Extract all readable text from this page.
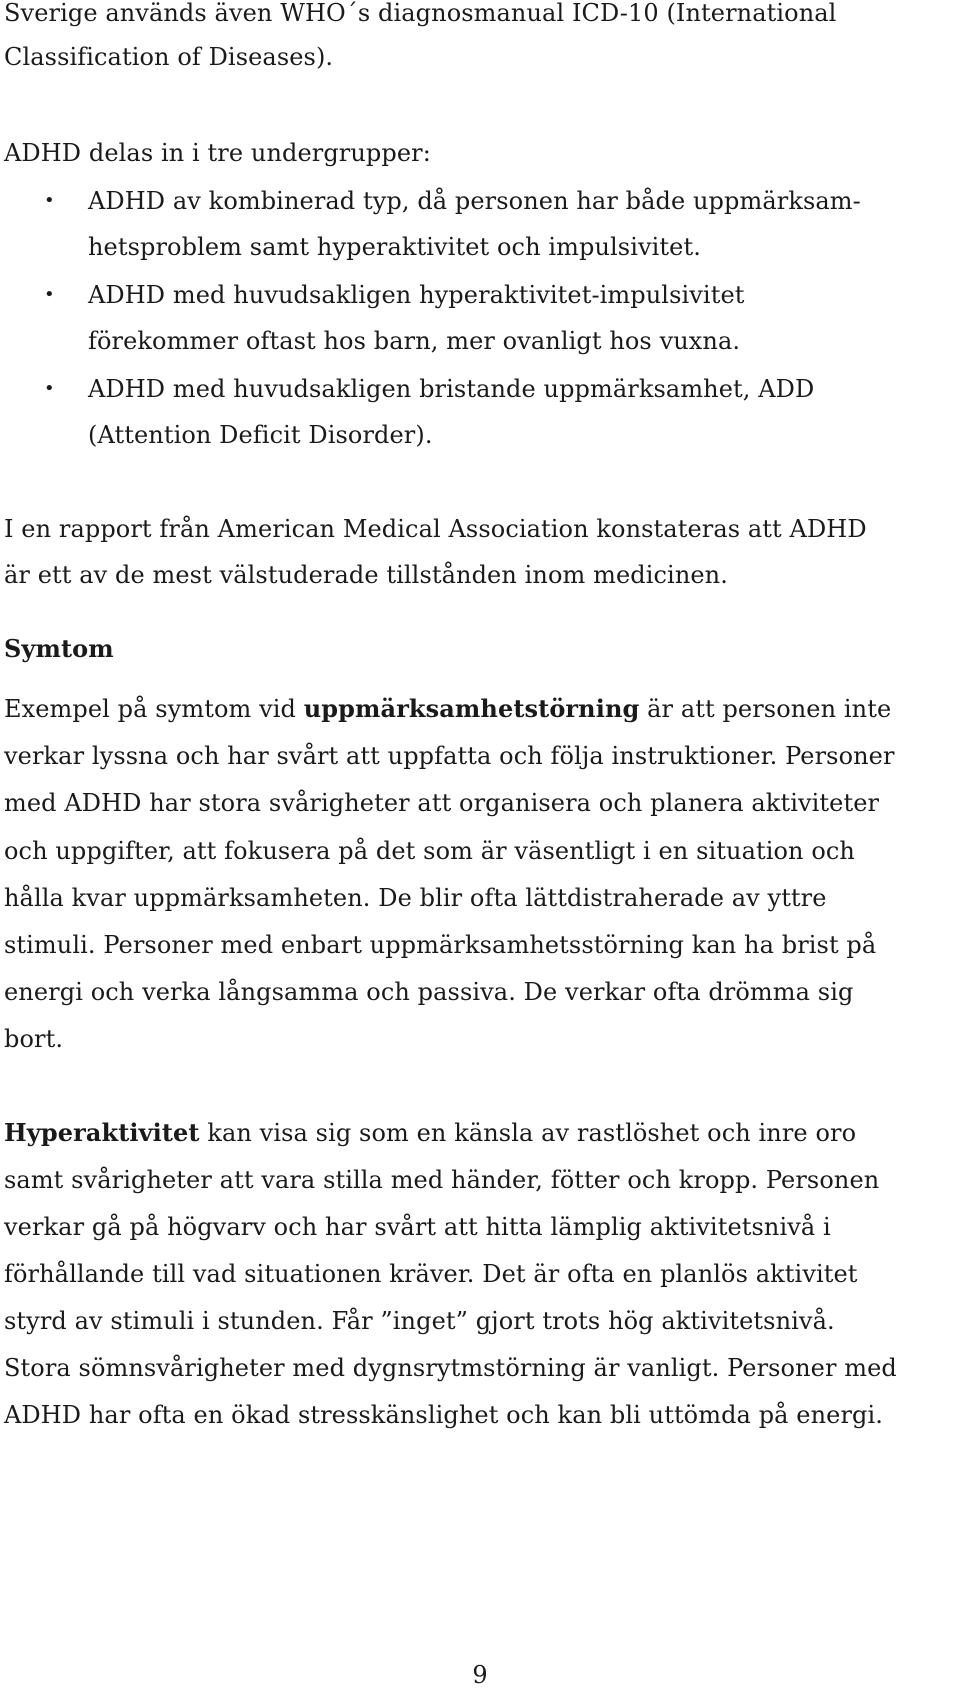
Sverige används även WHO´s diagnosmanual ICD-10 (International
Classification of Diseases).
ADHD delas in i tre undergrupper:
• ADHD av kombinerad typ, då personen har både uppmärksam-
hetsproblem samt hyperaktivitet och impulsivitet.
• ADHD med huvudsakligen hyperaktivitet-impulsivitet
förekommer oftast hos barn, mer ovanligt hos vuxna.
• ADHD med huvudsakligen bristande uppmärksamhet, ADD
(Attention Deficit Disorder).
I en rapport från American Medical Association konstateras att ADHD
är ett av de mest välstuderade tillstånden inom medicinen.
Symtom
Exempel på symtom vid uppmärksamhetstörning är att personen inte
verkar lyssna och har svårt att uppfatta och följa instruktioner. Personer
med ADHD har stora svårigheter att organisera och planera aktiviteter
och uppgifter, att fokusera på det som är väsentligt i en situation och
hålla kvar uppmärksamheten. De blir ofta lättdistraherade av yttre
stimuli. Personer med enbart uppmärksamhetsstörning kan ha brist på
energi och verka långsamma och passiva. De verkar ofta drömma sig
bort.
Hyperaktivitet kan visa sig som en känsla av rastlöshet och inre oro
samt svårigheter att vara stilla med händer, fötter och kropp. Personen
verkar gå på högvarv och har svårt att hitta lämplig aktivitetsnivå i
förhållande till vad situationen kräver. Det är ofta en planlös aktivitet
styrd av stimuli i stunden. Får ”inget” gjort trots hög aktivitetsnivå.
Stora sömnsvårigheter med dygnsrytmstörning är vanligt. Personer med
ADHD har ofta en ökad stresskänslighet och kan bli uttömda på energi.
9
